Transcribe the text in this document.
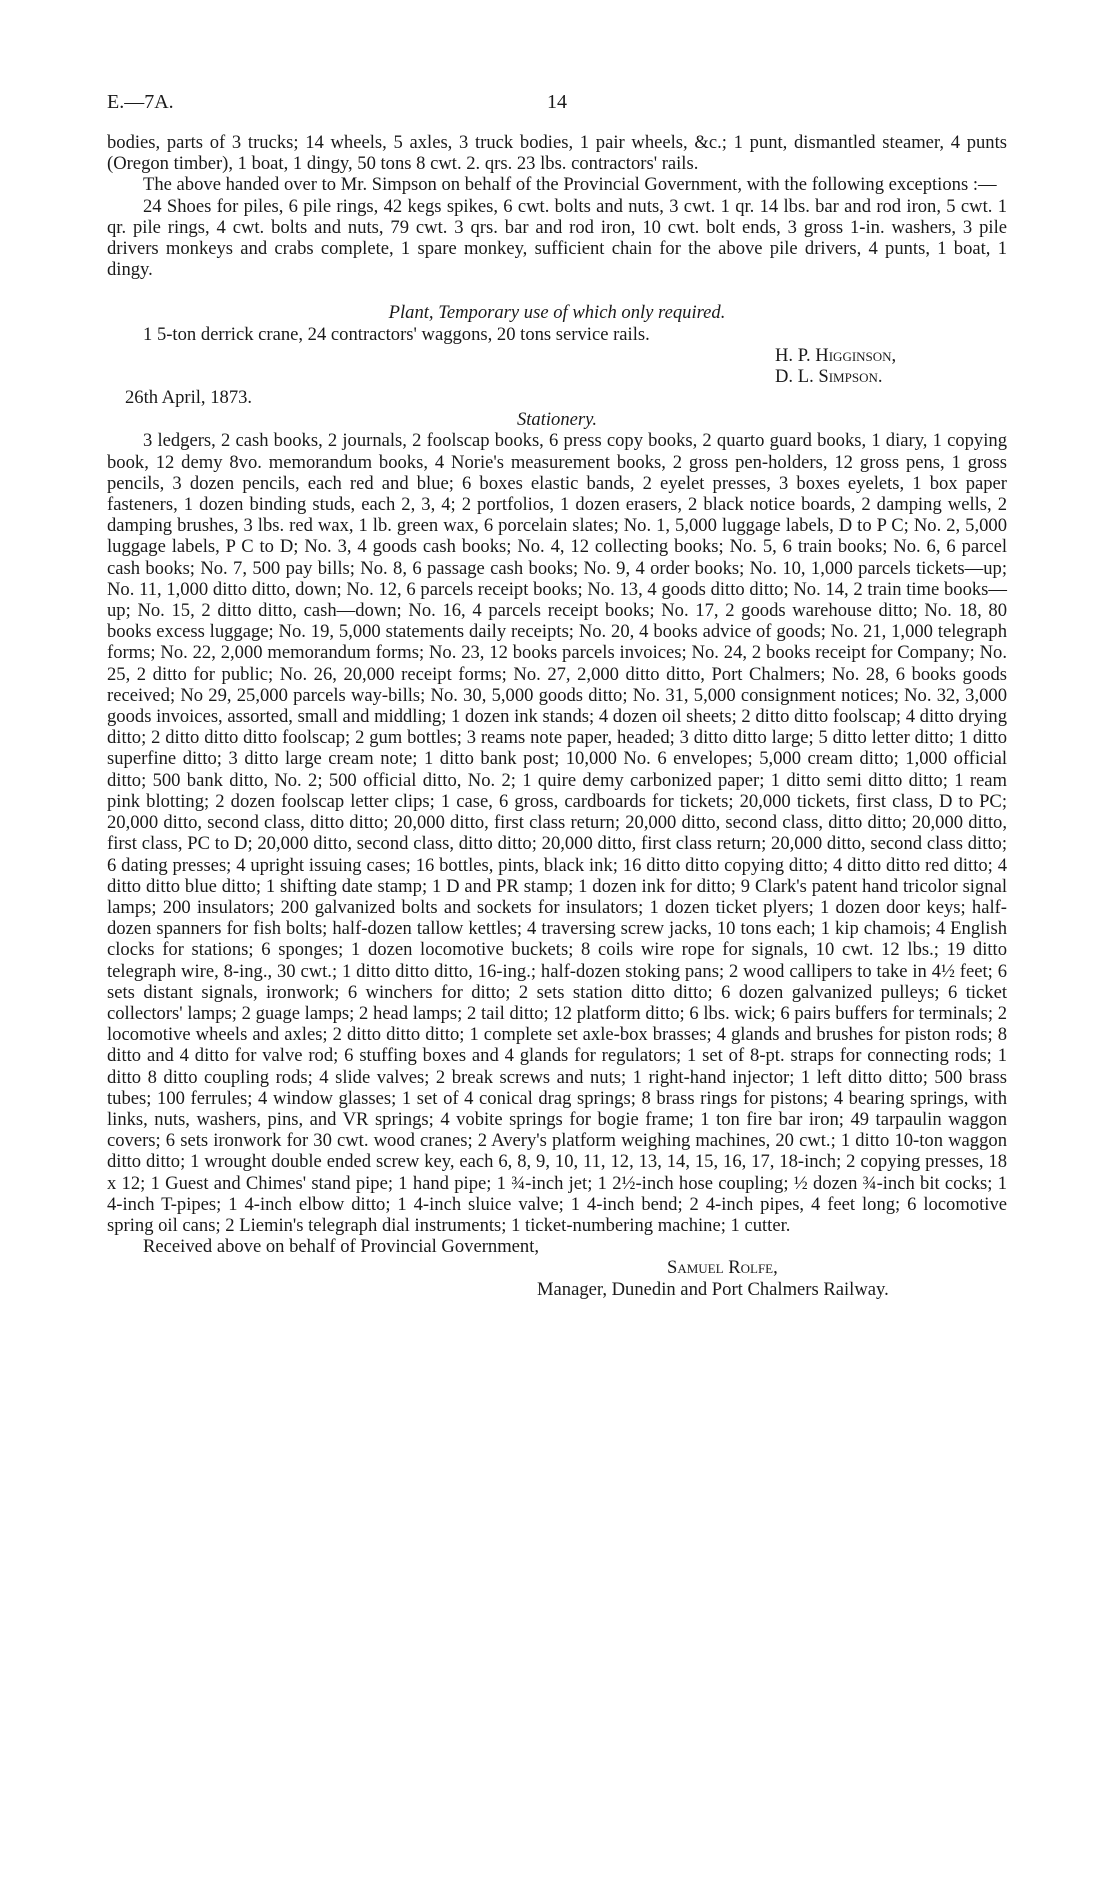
E.—7A.	14

bodies, parts of 3 trucks; 14 wheels, 5 axles, 3 truck bodies, 1 pair wheels, &c.; 1 punt, dismantled steamer, 4 punts (Oregon timber), 1 boat, 1 dingy, 50 tons 8 cwt. 2. qrs. 23 lbs. contractors' rails.

The above handed over to Mr. Simpson on behalf of the Provincial Government, with the following exceptions :—

24 Shoes for piles, 6 pile rings, 42 kegs spikes, 6 cwt. bolts and nuts, 3 cwt. 1 qr. 14 lbs. bar and rod iron, 5 cwt. 1 qr. pile rings, 4 cwt. bolts and nuts, 79 cwt. 3 qrs. bar and rod iron, 10 cwt. bolt ends, 3 gross 1-in. washers, 3 pile drivers monkeys and crabs complete, 1 spare monkey, sufficient chain for the above pile drivers, 4 punts, 1 boat, 1 dingy.

Plant, Temporary use of which only required.

1 5-ton derrick crane, 24 contractors' waggons, 20 tons service rails.

H. P. Higginson,
D. L. Simpson.
26th April, 1873.

Stationery.

3 ledgers, 2 cash books, 2 journals, 2 foolscap books, 6 press copy books, 2 quarto guard books, 1 diary, 1 copying book, 12 demy 8vo. memorandum books, 4 Norie's measurement books, 2 gross pen-holders, 12 gross pens, 1 gross pencils, 3 dozen pencils, each red and blue; 6 boxes elastic bands, 2 eyelet presses, 3 boxes eyelets, 1 box paper fasteners, 1 dozen binding studs, each 2, 3, 4; 2 portfolios, 1 dozen erasers, 2 black notice boards, 2 damping wells, 2 damping brushes, 3 lbs. red wax, 1 lb. green wax, 6 porcelain slates; No. 1, 5,000 luggage labels, D to P C; No. 2, 5,000 luggage labels, P C to D; No. 3, 4 goods cash books; No. 4, 12 collecting books; No. 5, 6 train books; No. 6, 6 parcel cash books; No. 7, 500 pay bills; No. 8, 6 passage cash books; No. 9, 4 order books; No. 10, 1,000 parcels tickets—up; No. 11, 1,000 ditto ditto, down; No. 12, 6 parcels receipt books; No. 13, 4 goods ditto ditto; No. 14, 2 train time books—up; No. 15, 2 ditto ditto, cash—down; No. 16, 4 parcels receipt books; No. 17, 2 goods warehouse ditto; No. 18, 80 books excess luggage; No. 19, 5,000 statements daily receipts; No. 20, 4 books advice of goods; No. 21, 1,000 telegraph forms; No. 22, 2,000 memorandum forms; No. 23, 12 books parcels invoices; No. 24, 2 books receipt for Company; No. 25, 2 ditto for public; No. 26, 20,000 receipt forms; No. 27, 2,000 ditto ditto, Port Chalmers; No. 28, 6 books goods received; No 29, 25,000 parcels way-bills; No. 30, 5,000 goods ditto; No. 31, 5,000 consignment notices; No. 32, 3,000 goods invoices, assorted, small and middling; 1 dozen ink stands; 4 dozen oil sheets; 2 ditto ditto foolscap; 4 ditto drying ditto; 2 ditto ditto ditto foolscap; 2 gum bottles; 3 reams note paper, headed; 3 ditto ditto large; 5 ditto letter ditto; 1 ditto superfine ditto; 3 ditto large cream note; 1 ditto bank post; 10,000 No. 6 envelopes; 5,000 cream ditto; 1,000 official ditto; 500 bank ditto, No. 2; 500 official ditto, No. 2; 1 quire demy carbonized paper; 1 ditto semi ditto ditto; 1 ream pink blotting; 2 dozen foolscap letter clips; 1 case, 6 gross, cardboards for tickets; 20,000 tickets, first class, D to PC; 20,000 ditto, second class, ditto ditto; 20,000 ditto, first class return; 20,000 ditto, second class, ditto ditto; 20,000 ditto, first class, PC to D; 20,000 ditto, second class, ditto ditto; 20,000 ditto, first class return; 20,000 ditto, second class ditto; 6 dating presses; 4 upright issuing cases; 16 bottles, pints, black ink; 16 ditto ditto copying ditto; 4 ditto ditto red ditto; 4 ditto ditto blue ditto; 1 shifting date stamp; 1 D and PR stamp; 1 dozen ink for ditto; 9 Clark's patent hand tricolor signal lamps; 200 insulators; 200 galvanized bolts and sockets for insulators; 1 dozen ticket plyers; 1 dozen door keys; half-dozen spanners for fish bolts; half-dozen tallow kettles; 4 traversing screw jacks, 10 tons each; 1 kip chamois; 4 English clocks for stations; 6 sponges; 1 dozen locomotive buckets; 8 coils wire rope for signals, 10 cwt. 12 lbs.; 19 ditto telegraph wire, 8-ing., 30 cwt.; 1 ditto ditto ditto, 16-ing.; half-dozen stoking pans; 2 wood callipers to take in 4½ feet; 6 sets distant signals, ironwork; 6 winchers for ditto; 2 sets station ditto ditto; 6 dozen galvanized pulleys; 6 ticket collectors' lamps; 2 guage lamps; 2 head lamps; 2 tail ditto; 12 platform ditto; 6 lbs. wick; 6 pairs buffers for terminals; 2 locomotive wheels and axles; 2 ditto ditto ditto; 1 complete set axle-box brasses; 4 glands and brushes for piston rods; 8 ditto and 4 ditto for valve rod; 6 stuffing boxes and 4 glands for regulators; 1 set of 8-pt. straps for connecting rods; 1 ditto 8 ditto coupling rods; 4 slide valves; 2 break screws and nuts; 1 right-hand injector; 1 left ditto ditto; 500 brass tubes; 100 ferrules; 4 window glasses; 1 set of 4 conical drag springs; 8 brass rings for pistons; 4 bearing springs, with links, nuts, washers, pins, and VR springs; 4 vobite springs for bogie frame; 1 ton fire bar iron; 49 tarpaulin waggon covers; 6 sets ironwork for 30 cwt. wood cranes; 2 Avery's platform weighing machines, 20 cwt.; 1 ditto 10-ton waggon ditto ditto; 1 wrought double ended screw key, each 6, 8, 9, 10, 11, 12, 13, 14, 15, 16, 17, 18-inch; 2 copying presses, 18 x 12; 1 Guest and Chimes' stand pipe; 1 hand pipe; 1 ¾-inch jet; 1 2½-inch hose coupling; ½ dozen ¾-inch bit cocks; 1 4-inch T-pipes; 1 4-inch elbow ditto; 1 4-inch sluice valve; 1 4-inch bend; 2 4-inch pipes, 4 feet long; 6 locomotive spring oil cans; 2 Liemin's telegraph dial instruments; 1 ticket-numbering machine; 1 cutter.

Received above on behalf of Provincial Government,

Samuel Rolfe,
Manager, Dunedin and Port Chalmers Railway.
